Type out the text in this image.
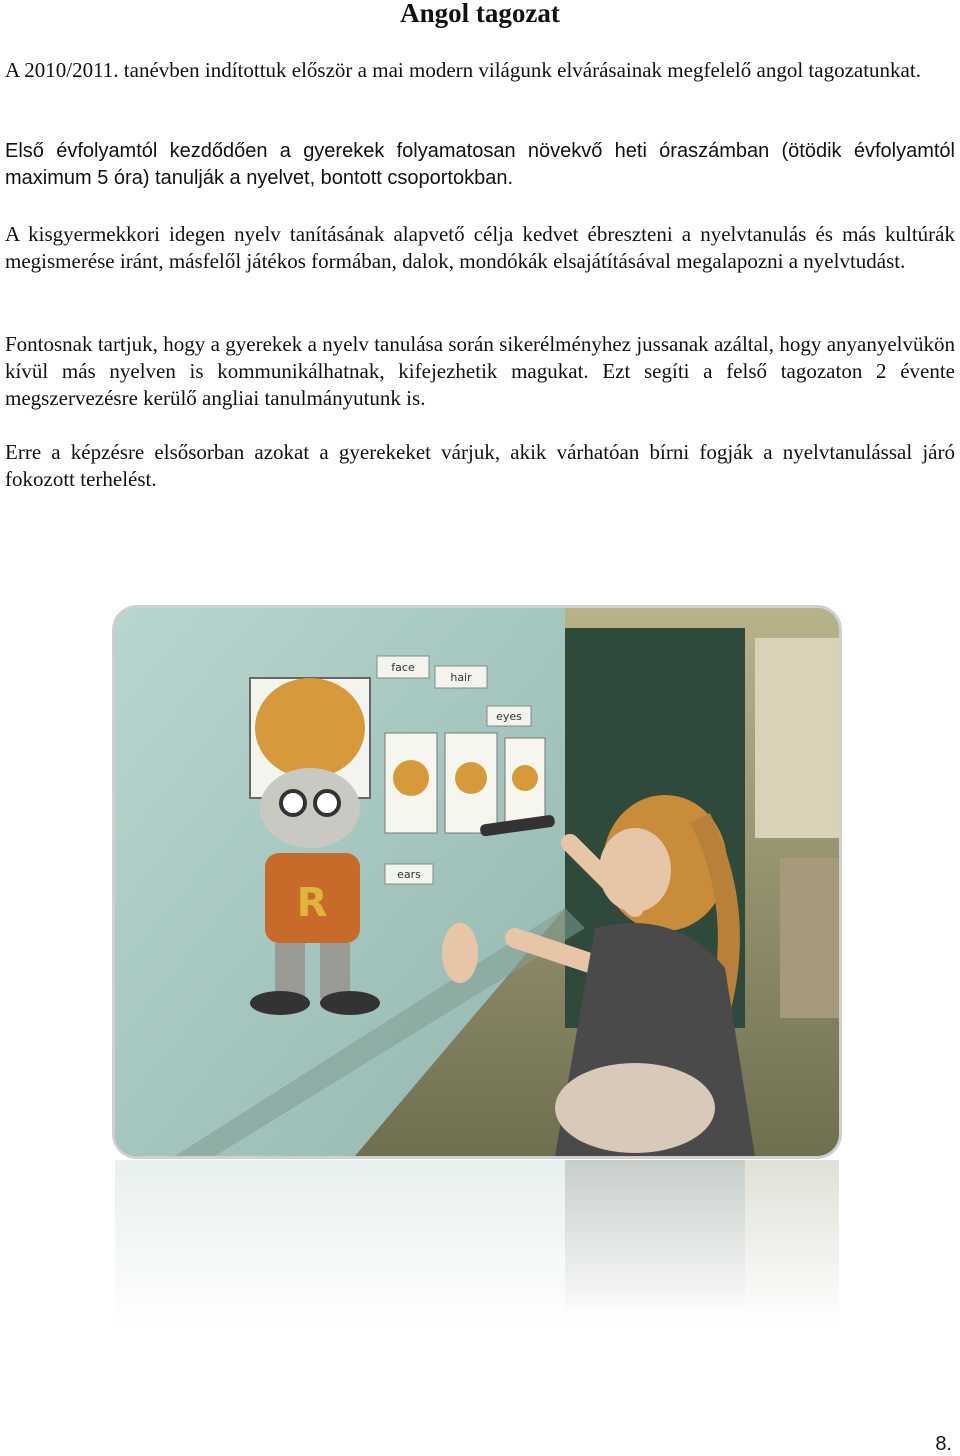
Angol tagozat

A 2010/2011. tanévben indítottuk először a mai modern világunk elvárásainak megfelelő angol tagozatunkat.

Első évfolyamtól kezdődően a gyerekek folyamatosan növekvő heti óraszámban (ötödik évfolyamtól maximum 5 óra) tanulják a nyelvet, bontott csoportokban.

A kisgyermekkori idegen nyelv tanításának alapvető célja kedvet ébreszteni a nyelvtanulás és más kultúrák megismerése iránt, másfelől játékos formában, dalok, mondókák elsajátításával megalapozni a nyelvtudást.

Fontosnak tartjuk, hogy a gyerekek a nyelv tanulása során sikerélményhez jussanak azáltal, hogy anyanyelvükön kívül más nyelven is kommunikálhatnak, kifejezhetik magukat. Ezt segíti a felső tagozaton 2 évente megszervezésre kerülő angliai tanulmányutunk is.

Erre a képzésre elsősorban azokat a gyerekeket várjuk, akik várhatóan bírni fogják a nyelvtanulással járó fokozott terhelést.

face
hair
eyes
ears
R
8.
